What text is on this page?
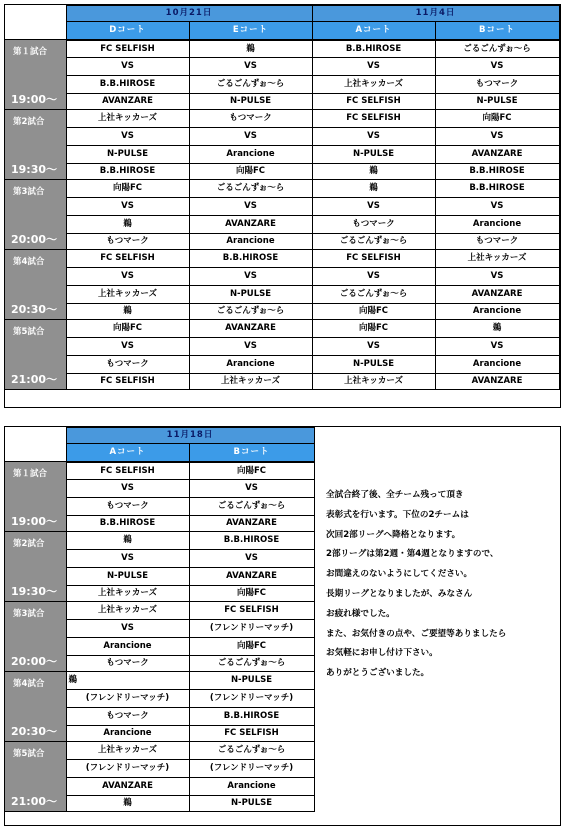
	10月21日		11月4日	
	Dコート	Eコート	Aコート	Bコート

第１試合
19:00～	FC SELFISH	鵜	B.B.HIROSE	ごるごんずぉ～ら
	VS	VS	VS	VS
	B.B.HIROSE	ごるごんずぉ～ら	上社キッカーズ	もつマーク
	AVANZARE	N-PULSE	FC SELFISH	N-PULSE

第2試合
19:30～	上社キッカーズ	もつマーク	FC SELFISH	向陽FC
	VS	VS	VS	VS
	N-PULSE	Arancione	N-PULSE	AVANZARE
	B.B.HIROSE	向陽FC	鵜	B.B.HIROSE

第3試合
20:00～	向陽FC	ごるごんずぉ～ら	鵜	B.B.HIROSE
	VS	VS	VS	VS
	鵜	AVANZARE	もつマーク	Arancione
	もつマーク	Arancione	ごるごんずぉ～ら	もつマーク

第4試合
20:30～	FC SELFISH	B.B.HIROSE	FC SELFISH	上社キッカーズ
	VS	VS	VS	VS
	上社キッカーズ	N-PULSE	ごるごんずぉ～ら	AVANZARE
	鵜	ごるごんずぉ～ら	向陽FC	Arancione

第5試合
21:00～	向陽FC	AVANZARE	向陽FC	鵜
	VS	VS	VS	VS
	もつマーク	Arancione	N-PULSE	Arancione
	FC SELFISH	上社キッカーズ	上社キッカーズ	AVANZARE
	11月18日	
	Aコート	Bコート

第１試合
19:00～	FC SELFISH	向陽FC
	VS	VS
	もつマーク	ごるごんずぉ～ら
	B.B.HIROSE	AVANZARE

第2試合
19:30～	鵜	B.B.HIROSE
	VS	VS
	N-PULSE	AVANZARE
	上社キッカーズ	向陽FC

第3試合
20:00～	上社キッカーズ	FC SELFISH
	VS	(フレンドリーマッチ)
	Arancione	向陽FC
	もつマーク	ごるごんずぉ～ら

第4試合
20:30～	鵜	N-PULSE
	(フレンドリーマッチ)	(フレンドリーマッチ)
	もつマーク	B.B.HIROSE
	Arancione	FC SELFISH

第5試合
21:00～	上社キッカーズ	ごるごんずぉ～ら
	(フレンドリーマッチ)	(フレンドリーマッチ)
	AVANZARE	Arancione
	鵜	N-PULSE
全試合終了後、全チーム残って頂き
表彰式を行います。下位の2チームは
次回2部リーグへ降格となります。
2部リーグは第2週・第4週となりますので、
お間違えのないようにしてください。
長期リーグとなりましたが、みなさん
お疲れ様でした。
また、お気付きの点や、ご要望等ありましたら
お気軽にお申し付け下さい。
ありがとうございました。
